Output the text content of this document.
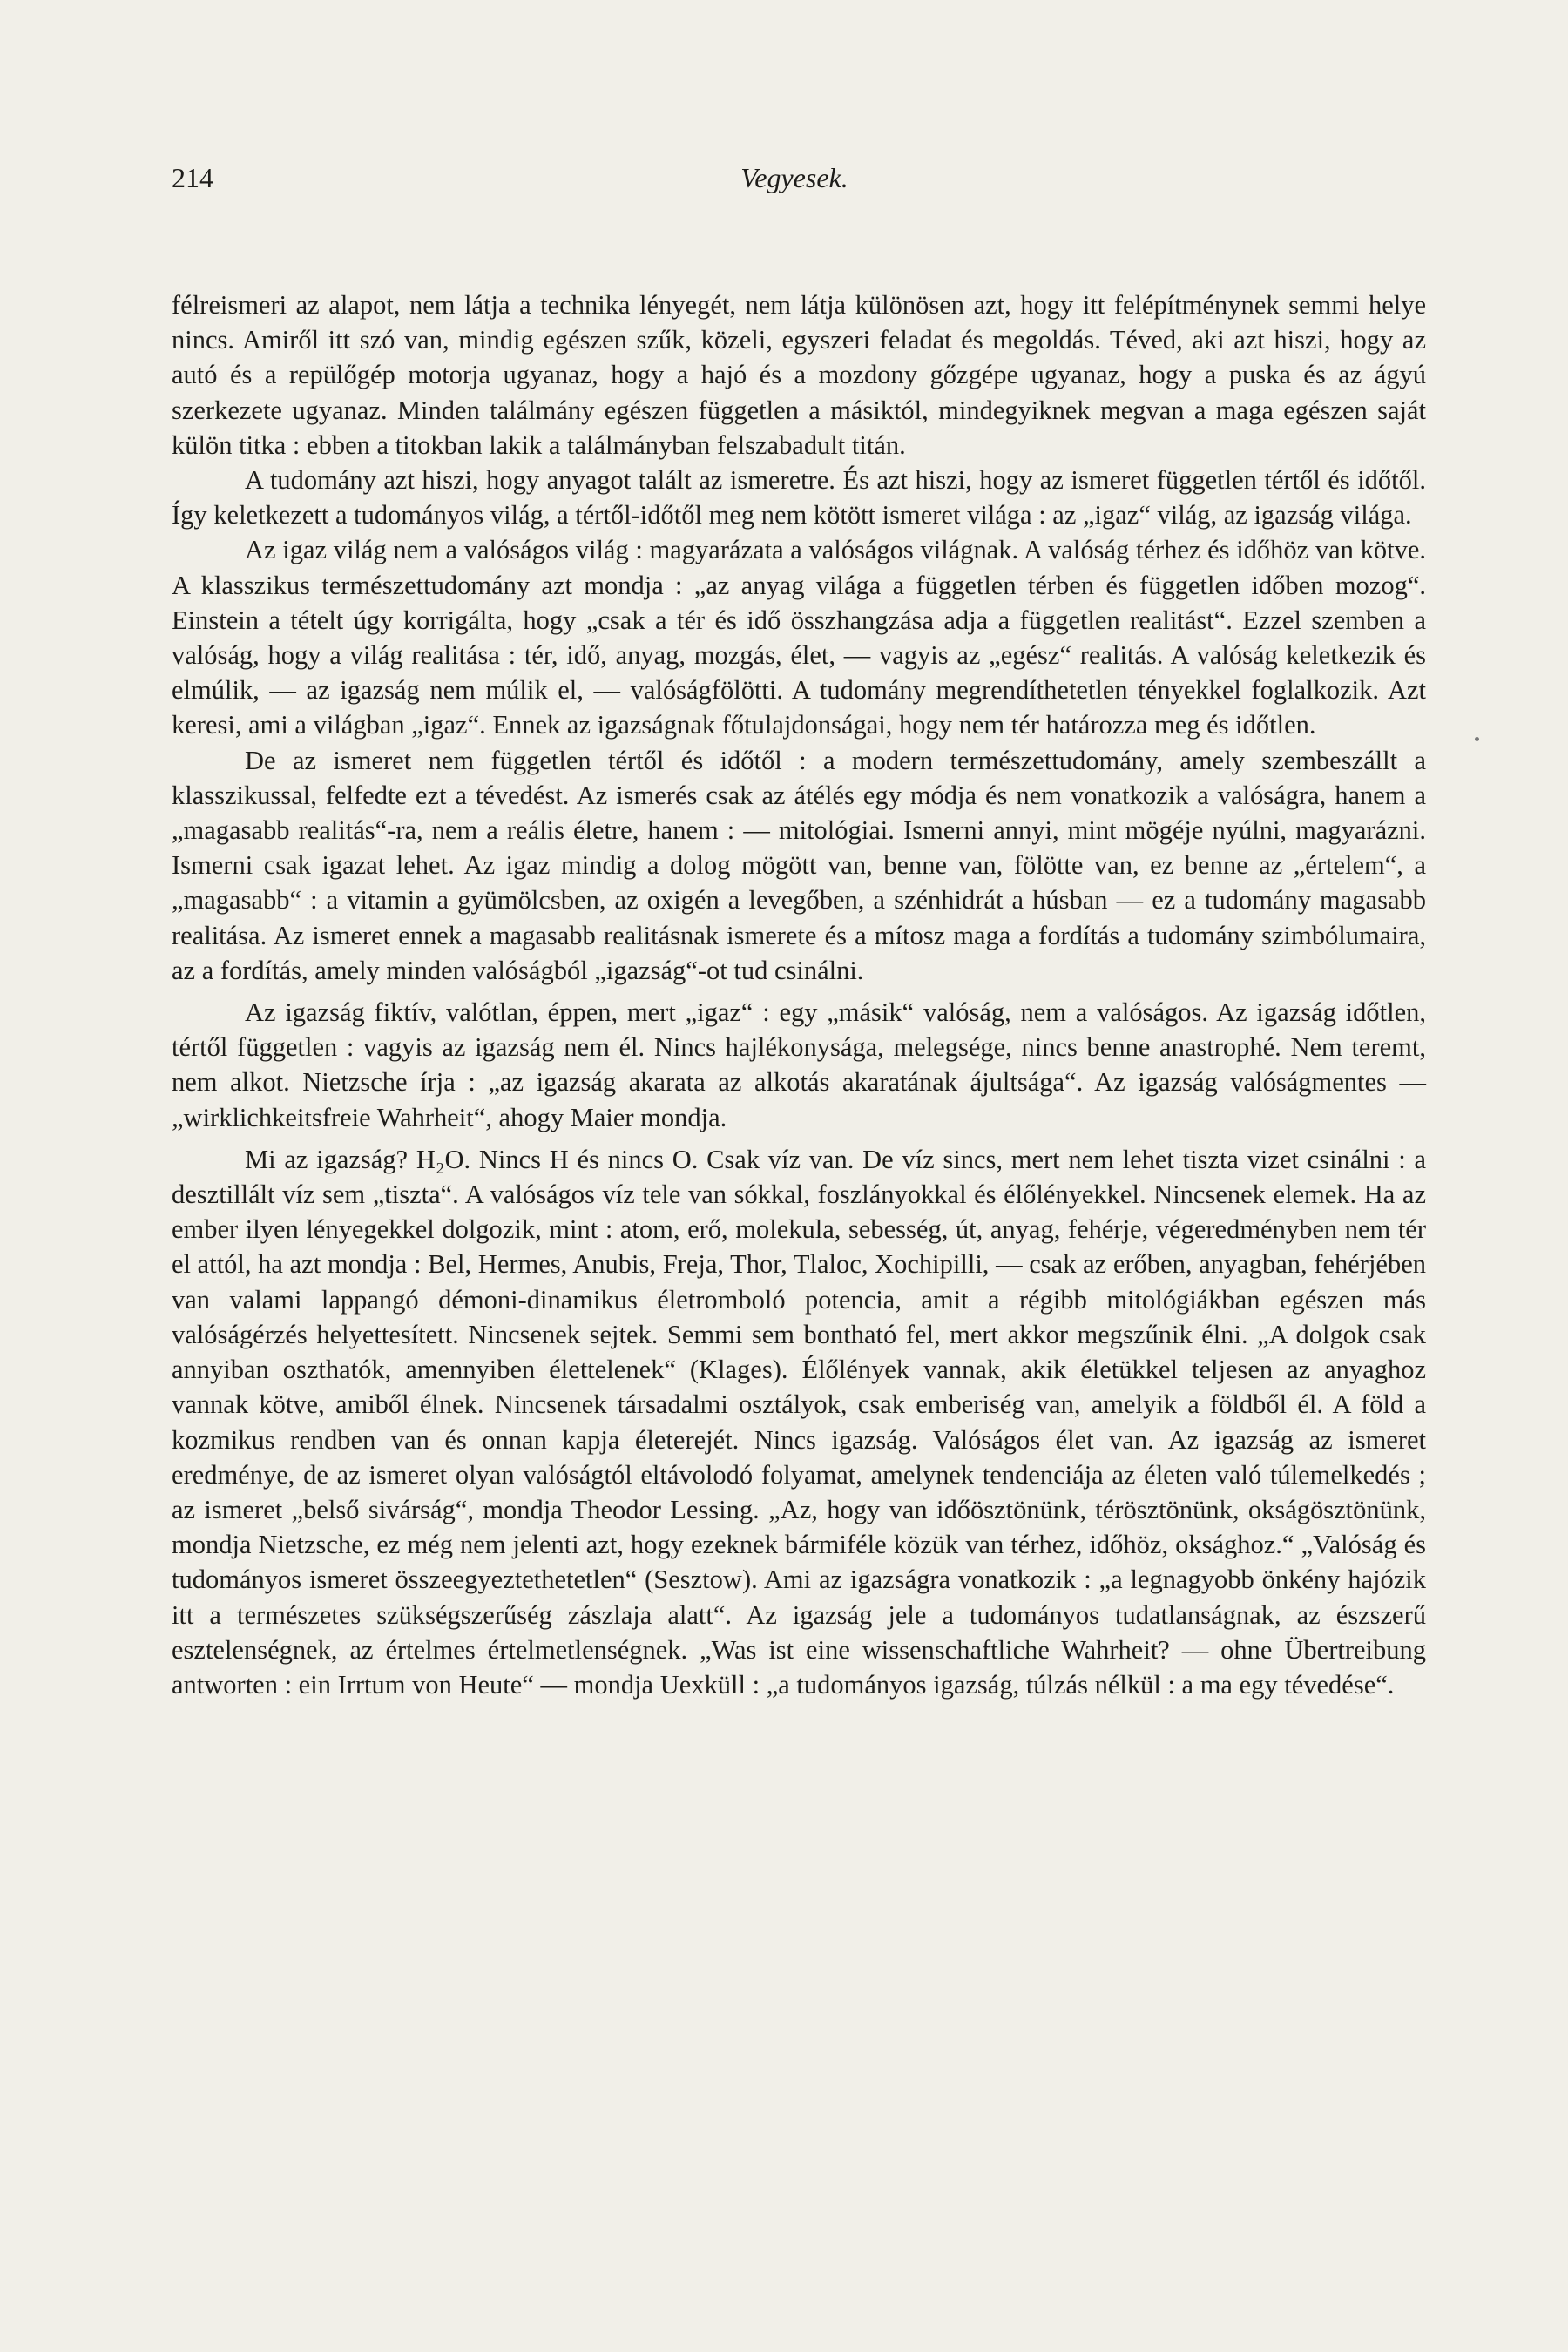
214	Vegyesek.

félreismeri az alapot, nem látja a technika lényegét, nem látja különösen azt, hogy itt felépítménynek semmi helye nincs. Amiről itt szó van, mindig egészen szűk, közeli, egyszeri feladat és megoldás. Téved, aki azt hiszi, hogy az autó és a repülőgép motorja ugyanaz, hogy a hajó és a mozdony gőzgépe ugyanaz, hogy a puska és az ágyú szerkezete ugyanaz. Minden találmány egészen független a másiktól, mindegyiknek megvan a maga egészen saját külön titka : ebben a titokban lakik a találmányban felszabadult titán.

A tudomány azt hiszi, hogy anyagot talált az ismeretre. És azt hiszi, hogy az ismeret független tértől és időtől. Így keletkezett a tudományos világ, a tértől-időtől meg nem kötött ismeret világa : az „igaz“ világ, az igazság világa.

Az igaz világ nem a valóságos világ : magyarázata a valóságos világnak. A valóság térhez és időhöz van kötve. A klasszikus természettudomány azt mondja : „az anyag világa a független térben és független időben mozog“. Einstein a tételt úgy korrigálta, hogy „csak a tér és idő összhangzása adja a független realitást“. Ezzel szemben a valóság, hogy a világ realitása : tér, idő, anyag, mozgás, élet, — vagyis az „egész“ realitás. A valóság keletkezik és elmúlik, — az igazság nem múlik el, — valóságfölötti. A tudomány megrendíthetetlen tényekkel foglalkozik. Azt keresi, ami a világban „igaz“. Ennek az igazságnak főtulajdonságai, hogy nem tér határozza meg és időtlen.

De az ismeret nem független tértől és időtől : a modern természettudomány, amely szembeszállt a klasszikussal, felfedte ezt a tévedést. Az ismerés csak az átélés egy módja és nem vonatkozik a valóságra, hanem a „magasabb realitás“-ra, nem a reális életre, hanem : — mitológiai. Ismerni annyi, mint mögéje nyúlni, magyarázni. Ismerni csak igazat lehet. Az igaz mindig a dolog mögött van, benne van, fölötte van, ez benne az „értelem“, a „magasabb“ : a vitamin a gyümölcsben, az oxigén a levegőben, a szénhidrát a húsban — ez a tudomány magasabb realitása. Az ismeret ennek a magasabb realitásnak ismerete és a mítosz maga a fordítás a tudomány szimbólumaira, az a fordítás, amely minden valóságból „igazság“-ot tud csinálni.

Az igazság fiktív, valótlan, éppen, mert „igaz“ : egy „másik“ valóság, nem a valóságos. Az igazság időtlen, tértől független : vagyis az igazság nem él. Nincs hajlékonysága, melegsége, nincs benne anastrophé. Nem teremt, nem alkot. Nietzsche írja : „az igazság akarata az alkotás akaratának ájultsága“. Az igazság valóságmentes — „wirklichkeitsfreie Wahrheit“, ahogy Maier mondja.

Mi az igazság? H₂O. Nincs H és nincs O. Csak víz van. De víz sincs, mert nem lehet tiszta vizet csinálni : a desztillált víz sem „tiszta“. A valóságos víz tele van sókkal, foszlányokkal és élőlényekkel. Nincsenek elemek. Ha az ember ilyen lényegekkel dolgozik, mint : atom, erő, molekula, sebesség, út, anyag, fehérje, végeredményben nem tér el attól, ha azt mondja : Bel, Hermes, Anubis, Freja, Thor, Tlaloc, Xochipilli, — csak az erőben, anyagban, fehérjében van valami lappangó démoni-dinamikus életromboló potencia, amit a régibb mitológiákban egészen más valóságérzés helyettesített. Nincsenek sejtek. Semmi sem bontható fel, mert akkor megszűnik élni. „A dolgok csak annyiban oszthatók, amennyiben élettelenek“ (Klages). Élőlények vannak, akik életükkel teljesen az anyaghoz vannak kötve, amiből élnek. Nincsenek társadalmi osztályok, csak emberiség van, amelyik a földből él. A föld a kozmikus rendben van és onnan kapja életerejét. Nincs igazság. Valóságos élet van. Az igazság az ismeret eredménye, de az ismeret olyan valóságtól eltávolodó folyamat, amelynek tendenciája az életen való túlemelkedés ; az ismeret „belső sivárság“, mondja Theodor Lessing. „Az, hogy van időösztönünk, térösztönünk, okságösztönünk, mondja Nietzsche, ez még nem jelenti azt, hogy ezeknek bármiféle közük van térhez, időhöz, oksághoz.“ „Valóság és tudományos ismeret összeegyeztethetetlen“ (Sesztow). Ami az igazságra vonatkozik : „a legnagyobb önkény hajózik itt a természetes szükségszerűség zászlaja alatt“. Az igazság jele a tudományos tudatlanságnak, az észszerű esztelenségnek, az értelmes értelmetlenségnek. „Was ist eine wissenschaftliche Wahrheit? — ohne Übertreibung antworten : ein Irrtum von Heute“ — mondja Uexküll : „a tudományos igazság, túlzás nélkül : a ma egy tévedése“.
